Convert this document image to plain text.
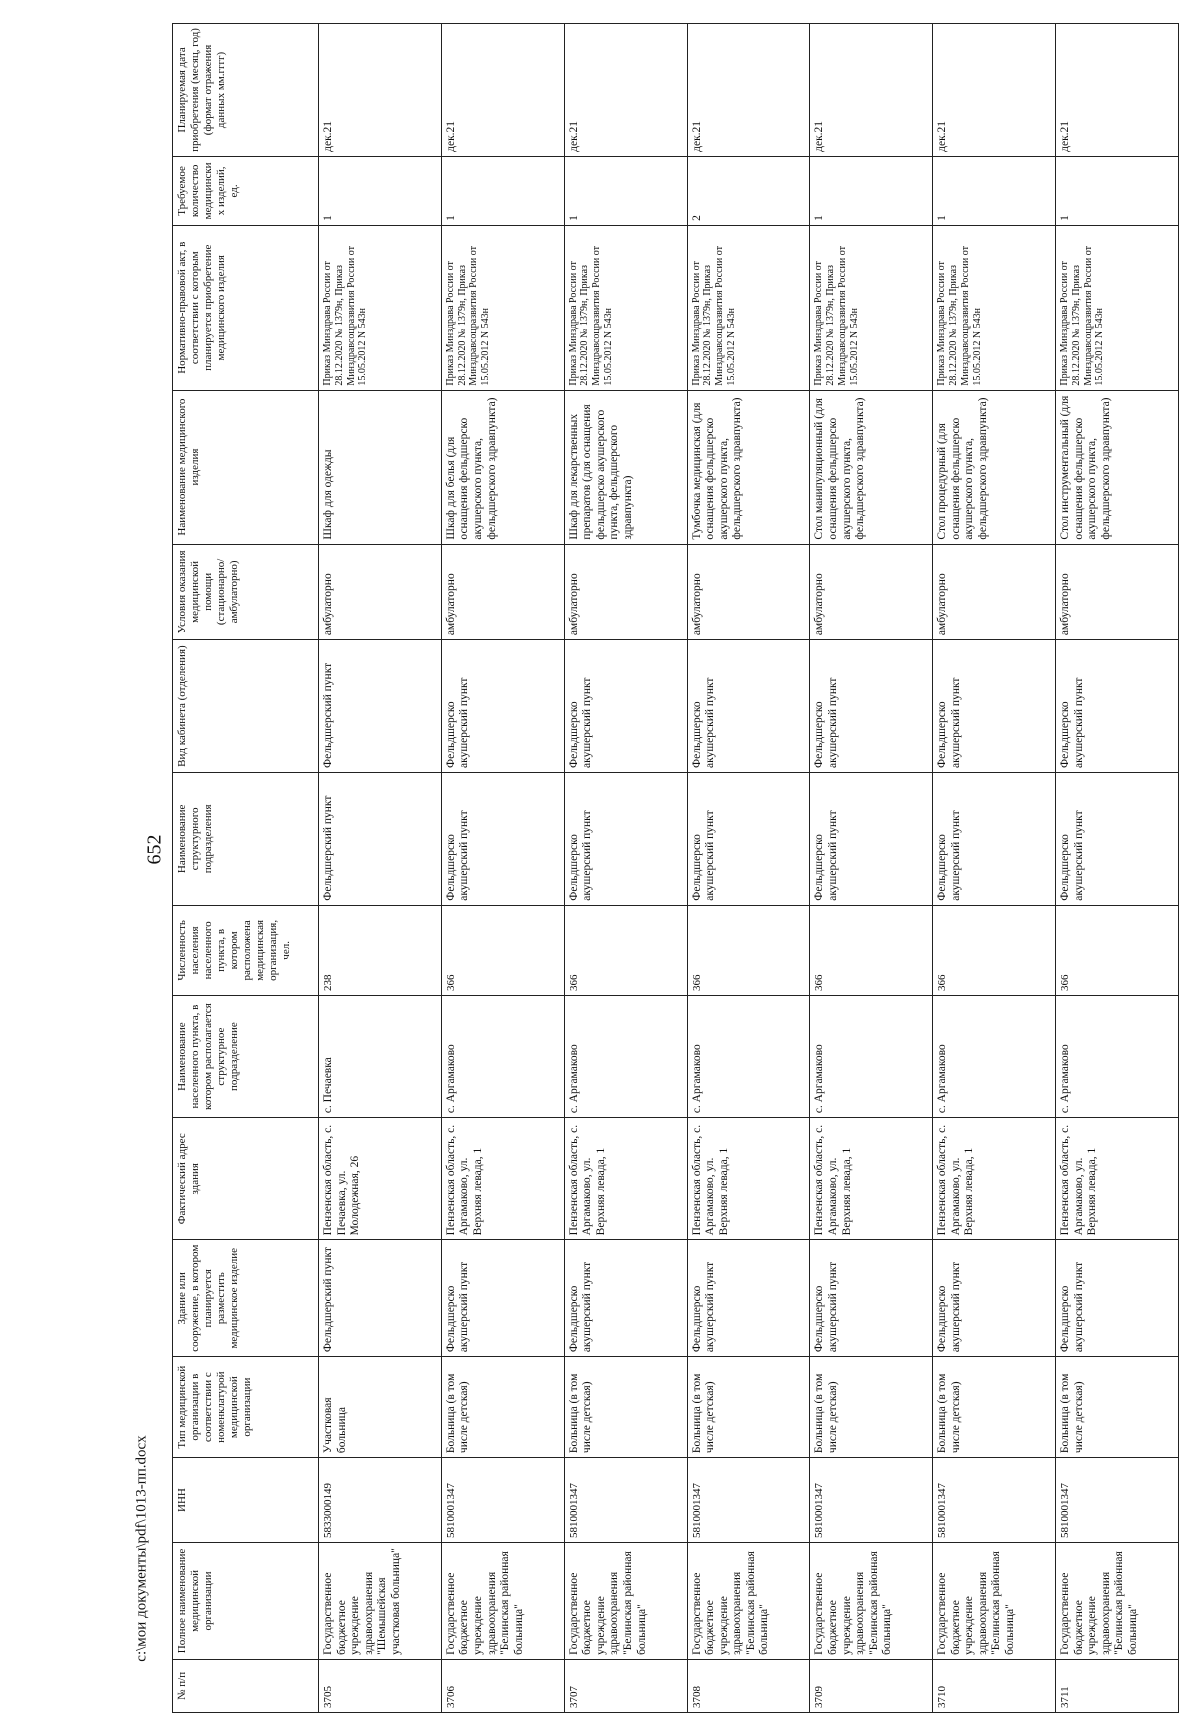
652
№ п/п	Полное наименование медицинской организации	ИНН	Тип медицинской организации в соответствии с номенклатурой медицинской организации	Здание или сооружение, в котором планируется разместить медицинское изделие	Фактический адрес здания	Наименование населенного пункта, в котором располагается структурное подразделение	Численность населения населенного пункта, в котором расположена медицинская организация, чел.	Наименование структурного подразделения	Вид кабинета (отделения)	Условия оказания медицинской помощи (стационарно/амбулаторно)	Наименование медицинского изделия	Нормативно-правовой акт, в соответствии с которым планируется приобретение медицинского изделия	Требуемое количество медицинских изделий, ед.	Планируемая дата приобретения (месяц, год) (формат отражения данных мм.гггг)
3705	Государственное бюджетное учреждение здравоохранения "Шемышейская участковая больница"	5833000149	Участковая больница	Фельдшерский пункт	Пензенская область, с. Печаевка, ул. Молодежная, 26	с. Печаевка	238	Фельдшерский пункт	Фельдшерский пункт	амбулаторно	Шкаф для одежды	Приказ Минздрава России от 28.12.2020 № 1379н, Приказ Минздравсоцразвития России от 15.05.2012 N 543н	1	дек.21
3706	Государственное бюджетное учреждение здравоохранения "Белинская районная больница"	5810001347	Больница (в том числе детская)	Фельдшерско акушерский пункт	Пензенская область, с. Аргамаково, ул. Верхняя левада, 1	с. Аргамаково	366	Фельдшерско акушерский пункт	Фельдшерско акушерский пункт	амбулаторно	Шкаф для белья (для оснащения фельдшерско акушерского пункта, фельдшерского здравпункта)	Приказ Минздрава России от 28.12.2020 № 1379н, Приказ Минздравсоцразвития России от 15.05.2012 N 543н	1	дек.21
3707	Государственное бюджетное учреждение здравоохранения "Белинская районная больница"	5810001347	Больница (в том числе детская)	Фельдшерско акушерский пункт	Пензенская область, с. Аргамаково, ул. Верхняя левада, 1	с. Аргамаково	366	Фельдшерско акушерский пункт	Фельдшерско акушерский пункт	амбулаторно	Шкаф для лекарственных препаратов (для оснащения фельдшерско акушерского пункта, фельдшерского здравпункта)	Приказ Минздрава России от 28.12.2020 № 1379н, Приказ Минздравсоцразвития России от 15.05.2012 N 543н	1	дек.21
3708	Государственное бюджетное учреждение здравоохранения "Белинская районная больница"	5810001347	Больница (в том числе детская)	Фельдшерско акушерский пункт	Пензенская область, с. Аргамаково, ул. Верхняя левада, 1	с. Аргамаково	366	Фельдшерско акушерский пункт	Фельдшерско акушерский пункт	амбулаторно	Тумбочка медицинская (для оснащения фельдшерско акушерского пункта, фельдшерского здравпункта)	Приказ Минздрава России от 28.12.2020 № 1379н, Приказ Минздравсоцразвития России от 15.05.2012 N 543н	2	дек.21
3709	Государственное бюджетное учреждение здравоохранения "Белинская районная больница"	5810001347	Больница (в том числе детская)	Фельдшерско акушерский пункт	Пензенская область, с. Аргамаково, ул. Верхняя левада, 1	с. Аргамаково	366	Фельдшерско акушерский пункт	Фельдшерско акушерский пункт	амбулаторно	Стол манипуляционный (для оснащения фельдшерско акушерского пункта, фельдшерского здравпункта)	Приказ Минздрава России от 28.12.2020 № 1379н, Приказ Минздравсоцразвития России от 15.05.2012 N 543н	1	дек.21
3710	Государственное бюджетное учреждение здравоохранения "Белинская районная больница"	5810001347	Больница (в том числе детская)	Фельдшерско акушерский пункт	Пензенская область, с. Аргамаково, ул. Верхняя левада, 1	с. Аргамаково	366	Фельдшерско акушерский пункт	Фельдшерско акушерский пункт	амбулаторно	Стол процедурный (для оснащения фельдшерско акушерского пункта, фельдшерского здравпункта)	Приказ Минздрава России от 28.12.2020 № 1379н, Приказ Минздравсоцразвития России от 15.05.2012 N 543н	1	дек.21
3711	Государственное бюджетное учреждение здравоохранения "Белинская районная больница"	5810001347	Больница (в том числе детская)	Фельдшерско акушерский пункт	Пензенская область, с. Аргамаково, ул. Верхняя левада, 1	с. Аргамаково	366	Фельдшерско акушерский пункт	Фельдшерско акушерский пункт	амбулаторно	Стол инструментальный (для оснащения фельдшерско акушерского пункта, фельдшерского здравпункта)	Приказ Минздрава России от 28.12.2020 № 1379н, Приказ Минздравсоцразвития России от 15.05.2012 N 543н	1	дек.21
c:\мои документы\pdf\1013-пп.docx
